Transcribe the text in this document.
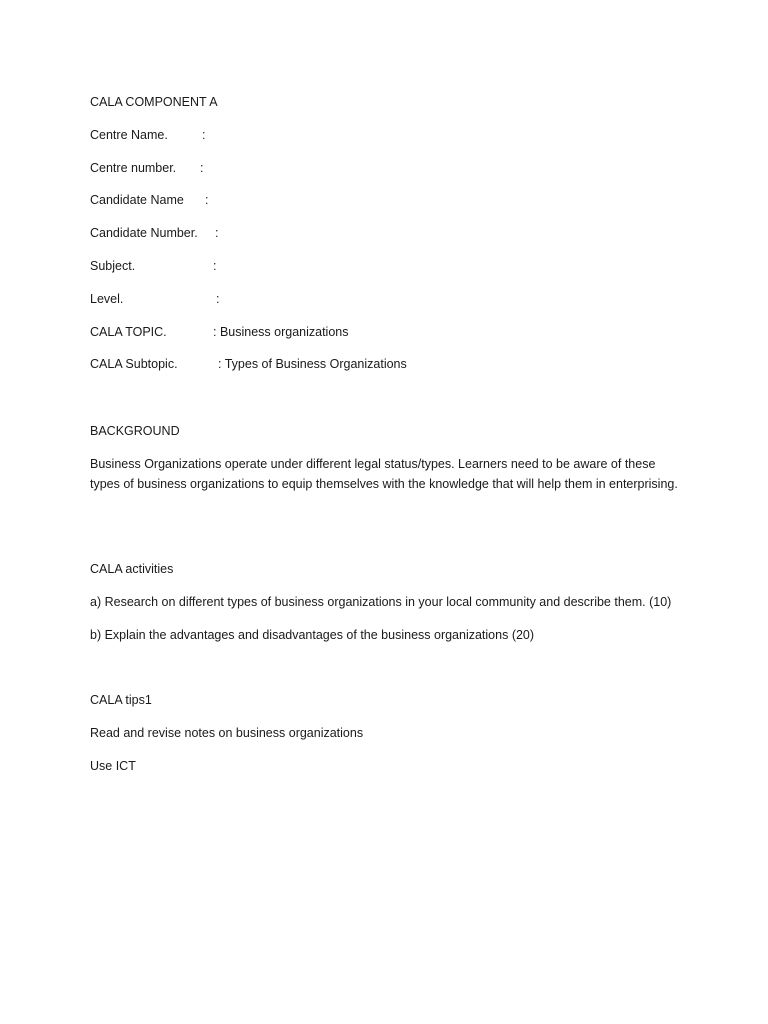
CALA COMPONENT A

Centre Name.

	:

Centre number.

:

Candidate Name

:

Candidate Number.

:

Subject.

	:

Level.

	:

CALA TOPIC.

	: Business organizations

CALA Subtopic.

	: Types of Business Organizations

BACKGROUND
Business Organizations operate under different legal status/types. Learners need to be aware of these types of business organizations to equip themselves with the knowledge that will help them in enterprising.
CALA activities
a) Research on different types of business organizations in your local community and describe them. (10)
b) Explain the advantages and disadvantages of the business organizations (20)
CALA tips1
Read and revise notes on business organizations
Use ICT
